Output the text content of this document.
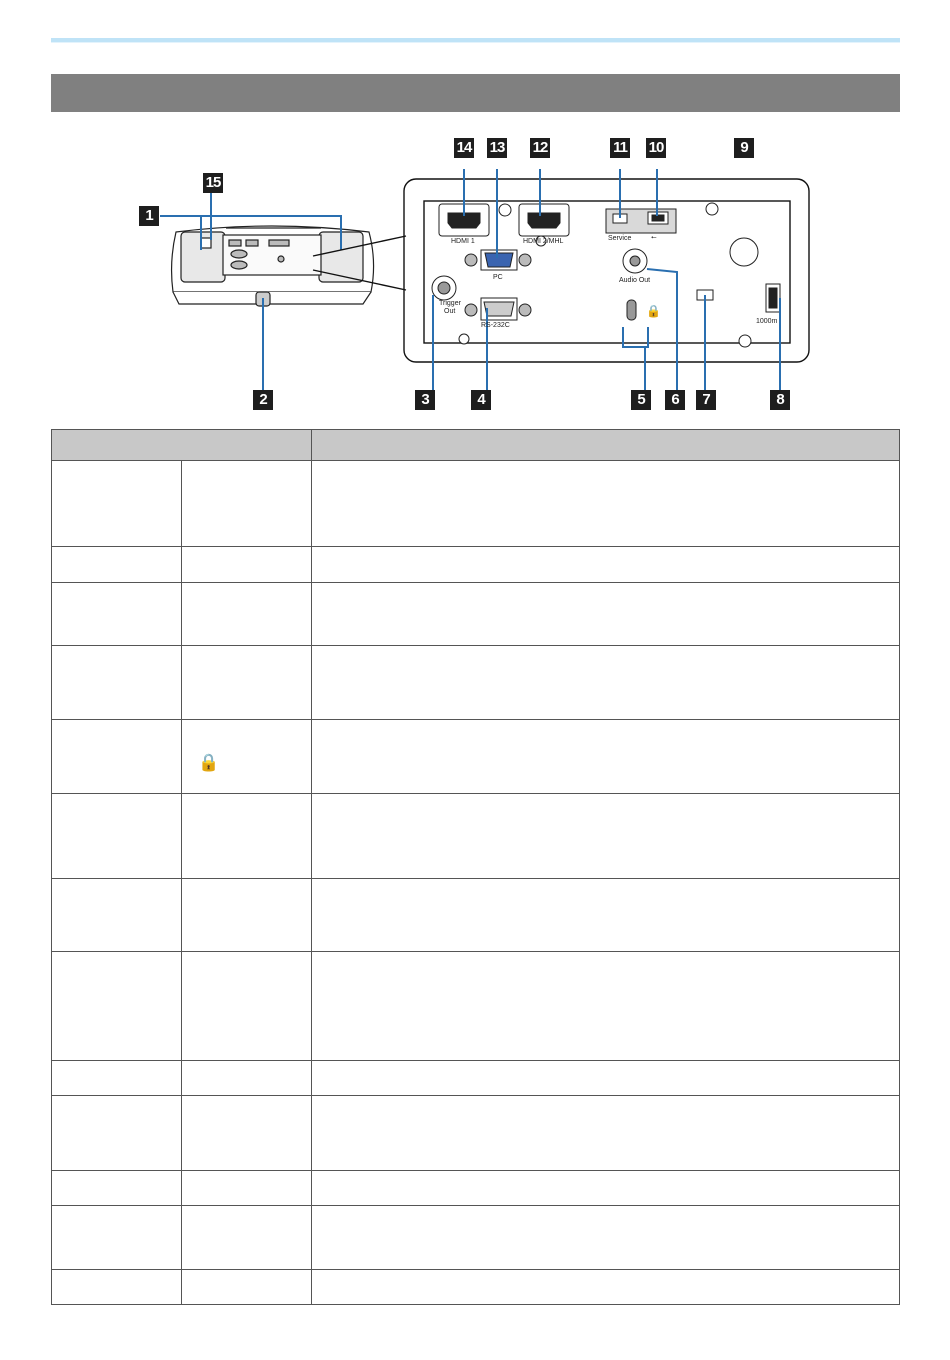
🔒
15
1
2	3	4	5	6	7	8
9
10
11
12
13
14
HDMI 1	HDMI 2/MHL
PC
Service	⭠
Audio Out
Trigger
Out
RS-232C
1000m

	🔒	
